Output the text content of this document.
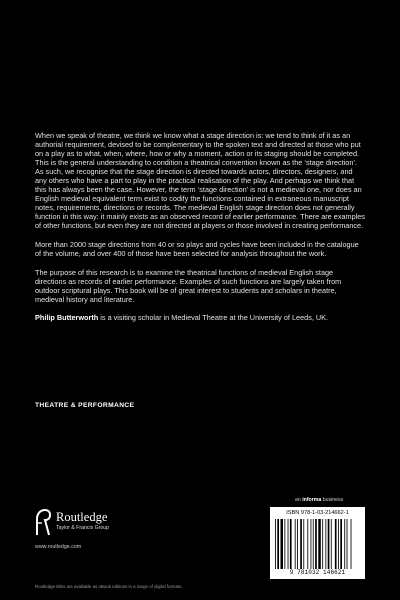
When we speak of theatre, we think we know what a stage direction is: we tend to think of it as an authorial requirement, devised to be complementary to the spoken text and directed at those who put on a play as to what, when, where, how or why a moment, action or its staging should be completed. This is the general understanding to condition a theatrical convention known as the ‘stage direction’. As such, we recognise that the stage direction is directed towards actors, directors, designers, and any others who have a part to play in the practical realisation of the play. And perhaps we think that this has always been the case. However, the term ‘stage direction’ is not a medieval one, nor does an English medieval equivalent term exist to codify the functions contained in extraneous manuscript notes, requirements, directions or records. The medieval English stage direction does not generally function in this way: it mainly exists as an observed record of earlier performance. There are examples of other functions, but even they are not directed at players or those involved in creating performance.

More than 2000 stage directions from 40 or so plays and cycles have been included in the catalogue of the volume, and over 400 of those have been selected for analysis throughout the work.

The purpose of this research is to examine the theatrical functions of medieval English stage directions as records of earlier performance. Examples of such functions are largely taken from outdoor scriptural plays. This book will be of great interest to students and scholars in theatre, medieval history and literature.

Philip Butterworth is a visiting scholar in Medieval Theatre at the University of Leeds, UK.

THEATRE & PERFORMANCE
an informa business
Routledge
Taylor & Francis Group
www.routledge.com
ISBN 978-1-03-214662-1
9 781032 146621
Routledge titles are available as eBook editions in a range of digital formats
